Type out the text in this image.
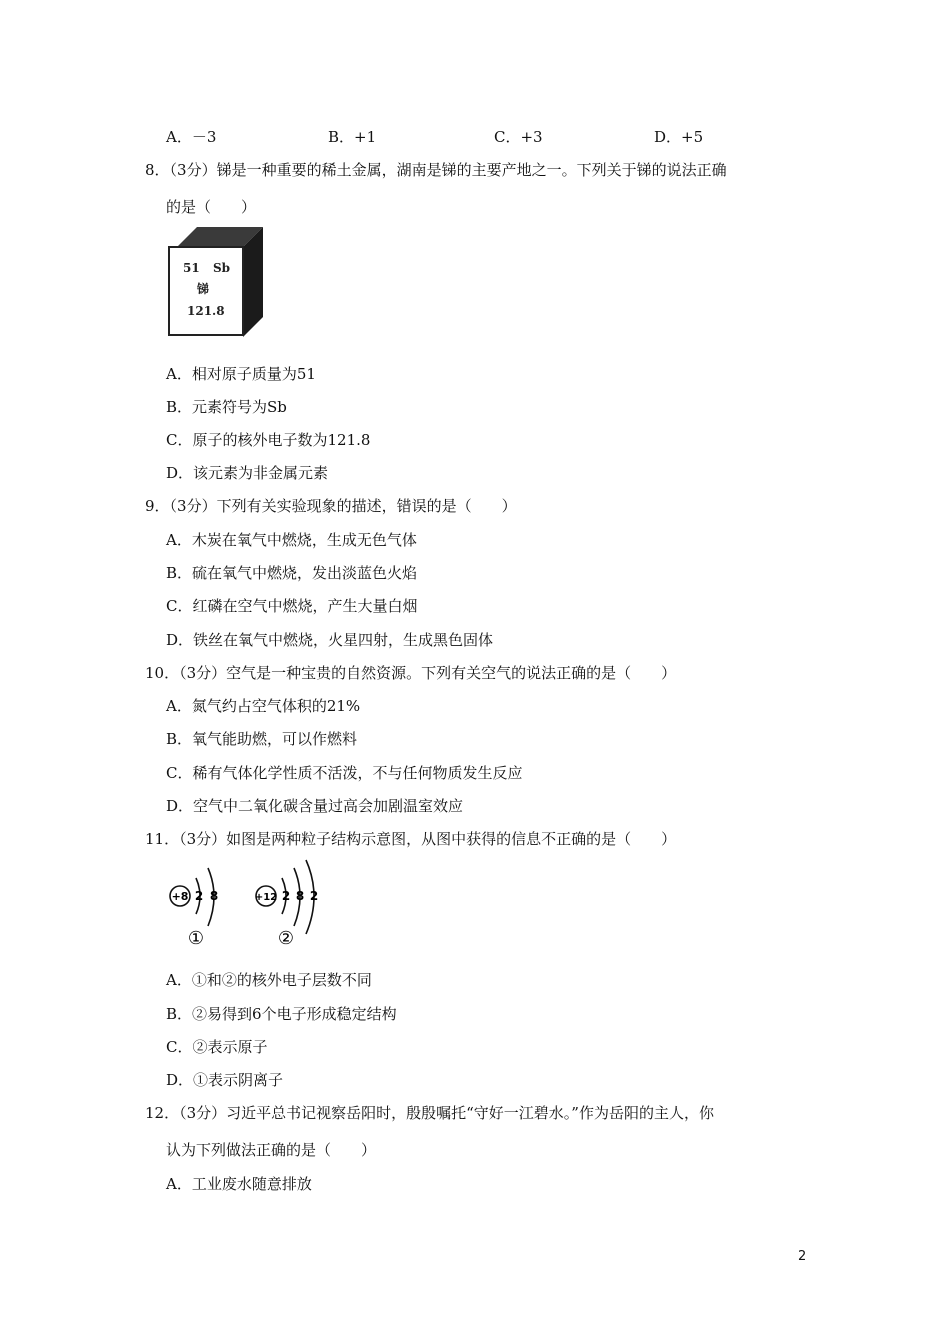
A．－3	B．+1	C．+3	D．+5
8．（3分）锑是一种重要的稀土金属，湖南是锑的主要产地之一。下列关于锑的说法正确
的是（　　）
51 Sb
锑
121.8
A．相对原子质量为51
B．元素符号为Sb
C．原子的核外电子数为121.8
D．该元素为非金属元素
9．（3分）下列有关实验现象的描述，错误的是（　　）
A．木炭在氧气中燃烧，生成无色气体
B．硫在氧气中燃烧，发出淡蓝色火焰
C．红磷在空气中燃烧，产生大量白烟
D．铁丝在氧气中燃烧，火星四射，生成黑色固体
10．（3分）空气是一种宝贵的自然资源。下列有关空气的说法正确的是（　　）
A．氮气约占空气体积的21%
B．氧气能助燃，可以作燃料
C．稀有气体化学性质不活泼，不与任何物质发生反应
D．空气中二氧化碳含量过高会加剧温室效应
11．（3分）如图是两种粒子结构示意图，从图中获得的信息不正确的是（　　）
+8 2 8
①
+12 2 8 2
②
A．①和②的核外电子层数不同
B．②易得到6个电子形成稳定结构
C．②表示原子
D．①表示阴离子
12．（3分）习近平总书记视察岳阳时，殷殷嘱托“守好一江碧水。”作为岳阳的主人，你
认为下列做法正确的是（　　）
A．工业废水随意排放
2
